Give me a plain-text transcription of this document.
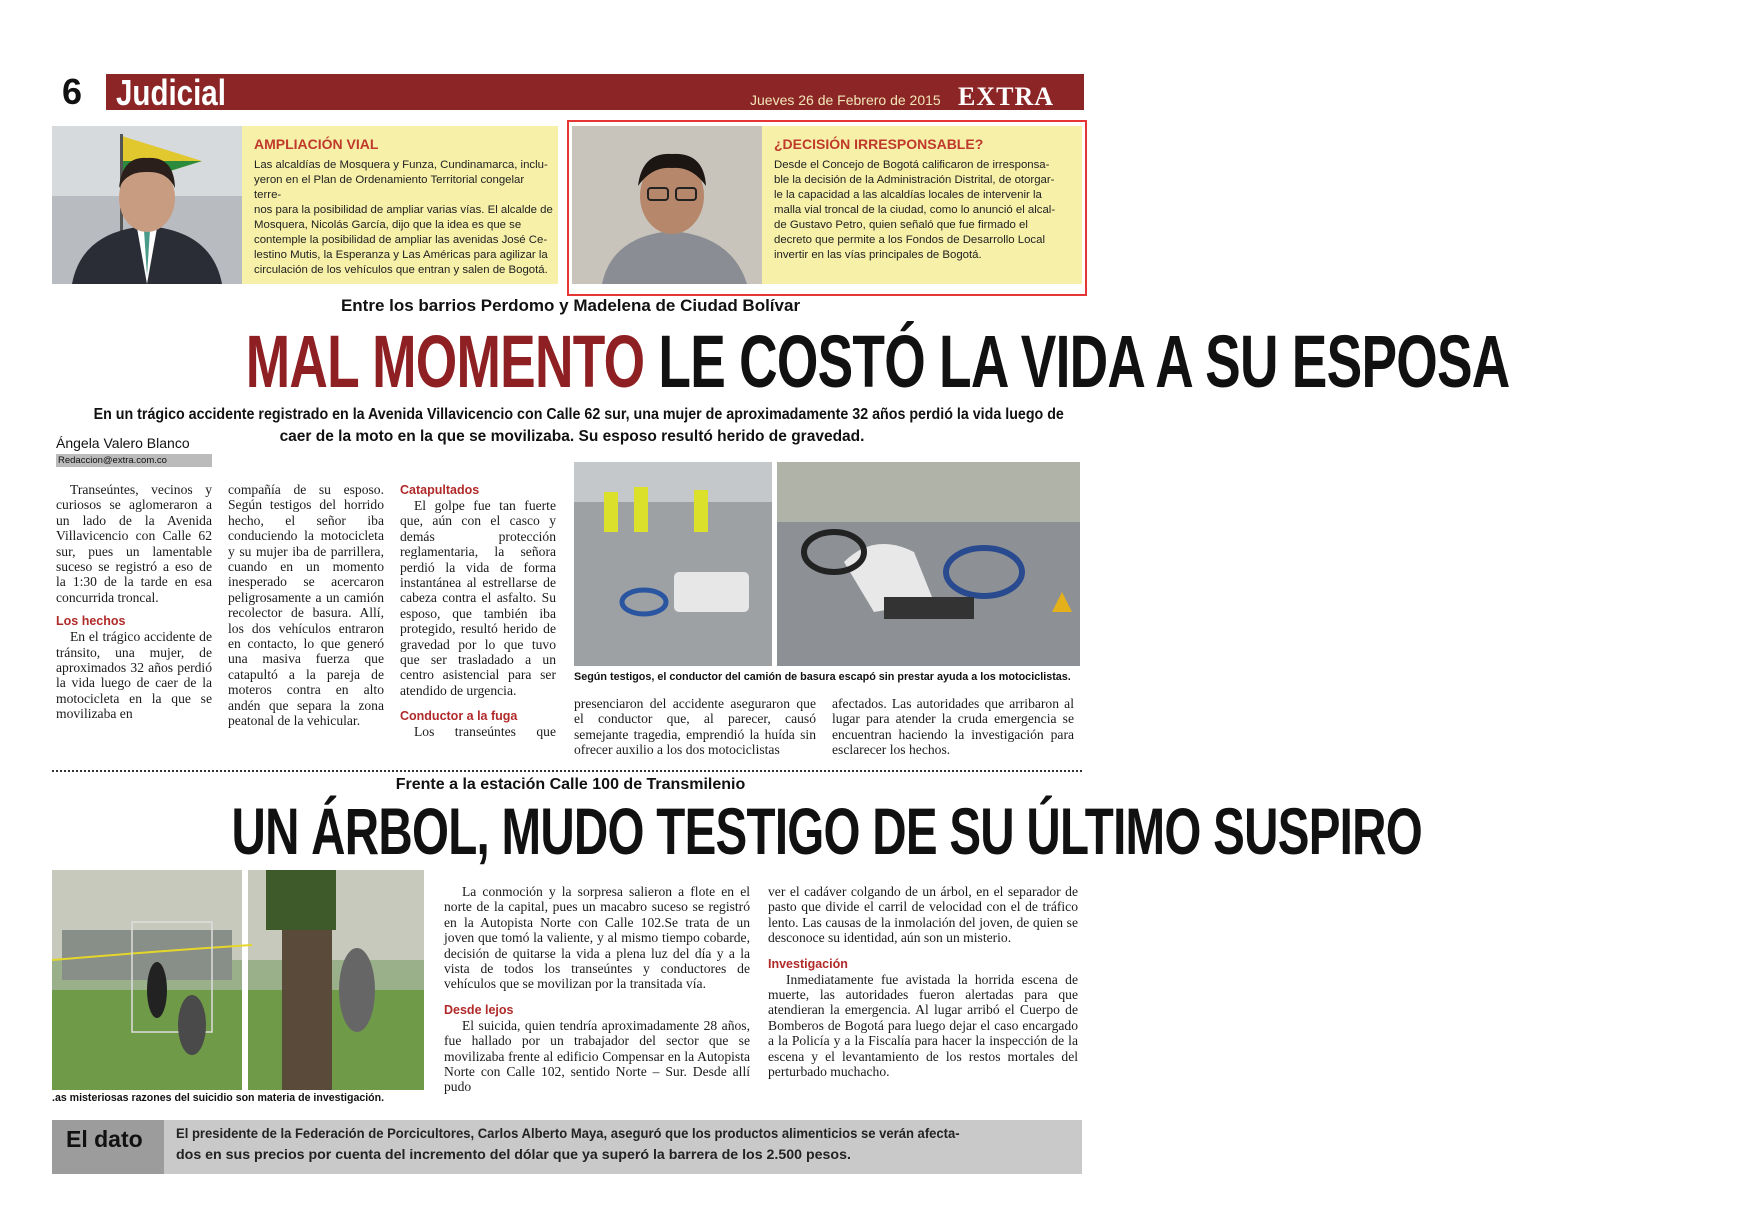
6 Judicial	Jueves 26 de Febrero de 2015 EXTRA
AMPLIACIÓN VIAL
Las alcaldías de Mosquera y Funza, Cundinamarca, inclu-
yeron en el Plan de Ordenamiento Territorial congelar terre-
nos para la posibilidad de ampliar varias vías. El alcalde de
Mosquera, Nicolás García, dijo que la idea es que se
contemple la posibilidad de ampliar las avenidas José Ce-
lestino Mutis, la Esperanza y Las Américas para agilizar la
circulación de los vehículos que entran y salen de Bogotá.
¿DECISIÓN IRRESPONSABLE?
Desde el Concejo de Bogotá calificaron de irresponsa-
ble la decisión de la Administración Distrital, de otorgar-
le la capacidad a las alcaldías locales de intervenir la
malla vial troncal de la ciudad, como lo anunció el alcal-
de Gustavo Petro, quien señaló que fue firmado el
decreto que permite a los Fondos de Desarrollo Local
invertir en las vías principales de Bogotá.
Entre los barrios Perdomo y Madelena de Ciudad Bolívar
MAL MOMENTO LE COSTÓ LA VIDA A SU ESPOSA
En un trágico accidente registrado en la Avenida Villavicencio con Calle 62 sur, una mujer de aproximadamente 32 años perdió la vida luego de
caer de la moto en la que se movilizaba. Su esposo resultó herido de gravedad.
Ángela Valero Blanco
Redaccion@extra.com.co
Transeúntes, vecinos y curiosos se aglomeraron a un lado de la Avenida Villavicencio con Calle 62 sur, pues un lamentable suceso se registró a eso de la 1:30 de la tarde en esa concurrida troncal.
Los hechos
En el trágico accidente de tránsito, una mujer, de aproximados 32 años perdió la vida luego de caer de la motocicleta en la que se movilizaba en
compañía de su esposo. Según testigos del horrido hecho, el señor iba conduciendo la motocicleta y su mujer iba de parrillera, cuando en un momento inesperado se acercaron peligrosamente a un camión recolector de basura. Allí, los dos vehículos entraron en contacto, lo que generó una masiva fuerza que catapultó a la pareja de moteros contra en alto andén que separa la zona peatonal de la vehicular.
Catapultados
El golpe fue tan fuerte que, aún con el casco y demás protección reglamentaria, la señora perdió la vida de forma instantánea al estrellarse de cabeza contra el asfalto. Su esposo, que también iba protegido, resultó herido de gravedad por lo que tuvo que ser trasladado a un centro asistencial para ser atendido de urgencia.
Conductor a la fuga
Los transeúntes que
Según testigos, el conductor del camión de basura escapó sin prestar ayuda a los motociclistas.
presenciaron del accidente aseguraron que el conductor que, al parecer, causó semejante tragedia, emprendió la huída sin ofrecer auxilio a los dos motociclistas
afectados. Las autoridades que arribaron al lugar para atender la cruda emergencia se encuentran haciendo la investigación para esclarecer los hechos.
Frente a la estación Calle 100 de Transmilenio
UN ÁRBOL, MUDO TESTIGO DE SU ÚLTIMO SUSPIRO
.as misteriosas razones del suicidio son materia de investigación.
La conmoción y la sorpresa salieron a flote en el norte de la capital, pues un macabro suceso se registró en la Autopista Norte con Calle 102.Se trata de un joven que tomó la valiente, y al mismo tiempo cobarde, decisión de quitarse la vida a plena luz del día y a la vista de todos los transeúntes y conductores de vehículos que se movilizan por la transitada vía.
Desde lejos
El suicida, quien tendría aproximadamente 28 años, fue hallado por un trabajador del sector que se movilizaba frente al edificio Compensar en la Autopista Norte con Calle 102, sentido Norte – Sur. Desde allí pudo
ver el cadáver colgando de un árbol, en el separador de pasto que divide el carril de velocidad con el de tráfico lento. Las causas de la inmolación del joven, de quien se desconoce su identidad, aún son un misterio.
Investigación
Inmediatamente fue avistada la horrida escena de muerte, las autoridades fueron alertadas para que atendieran la emergencia. Al lugar arribó el Cuerpo de Bomberos de Bogotá para luego dejar el caso encargado a la Policía y a la Fiscalía para hacer la inspección de la escena y el levantamiento de los restos mortales del perturbado muchacho.
El dato El presidente de la Federación de Porcicultores, Carlos Alberto Maya, aseguró que los productos alimenticios se verán afecta-
dos en sus precios por cuenta del incremento del dólar que ya superó la barrera de los 2.500 pesos.
